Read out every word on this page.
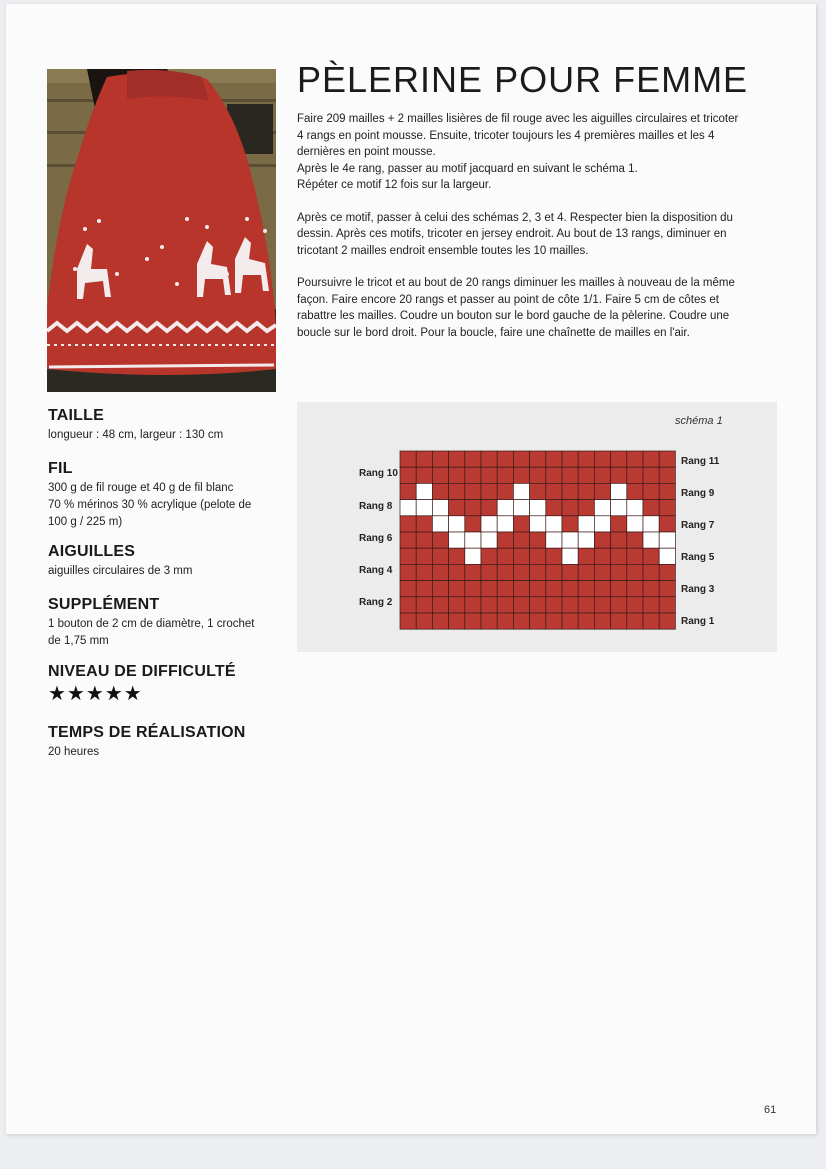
PÈLERINE POUR FEMME

Faire 209 mailles + 2 mailles lisières de fil rouge avec les aiguilles circulaires et tricoter
4 rangs en point mousse. Ensuite, tricoter toujours les 4 premières mailles et les 4
dernières en point mousse.
Après le 4e rang, passer au motif jacquard en suivant le schéma 1.
Répéter ce motif 12 fois sur la largeur.

Après ce motif, passer à celui des schémas 2, 3 et 4. Respecter bien la disposition du
dessin. Après ces motifs, tricoter en jersey endroit. Au bout de 13 rangs, diminuer en
tricotant 2 mailles endroit ensemble toutes les 10 mailles.

Poursuivre le tricot et au bout de 20 rangs diminuer les mailles à nouveau de la même
façon. Faire encore 20 rangs et passer au point de côte 1/1. Faire 5 cm de côtes et
rabattre les mailles. Coudre un bouton sur le bord gauche de la pèlerine. Coudre une
boucle sur le bord droit. Pour la boucle, faire une chaînette de mailles en l'air.

TAILLE
longueur : 48 cm, largeur : 130 cm
FIL
300 g de fil rouge et 40 g de fil blanc
70 % mérinos 30 % acrylique (pelote de
100 g / 225 m)
AIGUILLES
aiguilles circulaires de 3 mm
SUPPLÉMENT
1 bouton de 2 cm de diamètre, 1 crochet
de 1,75 mm
NIVEAU DE DIFFICULTÉ
★★★★★
TEMPS DE RÉALISATION
20 heures
schéma 1
Rang 11
Rang 9
Rang 7
Rang 5
Rang 3
Rang 1
Rang 10
Rang 8
Rang 6
Rang 4
Rang 2
61
